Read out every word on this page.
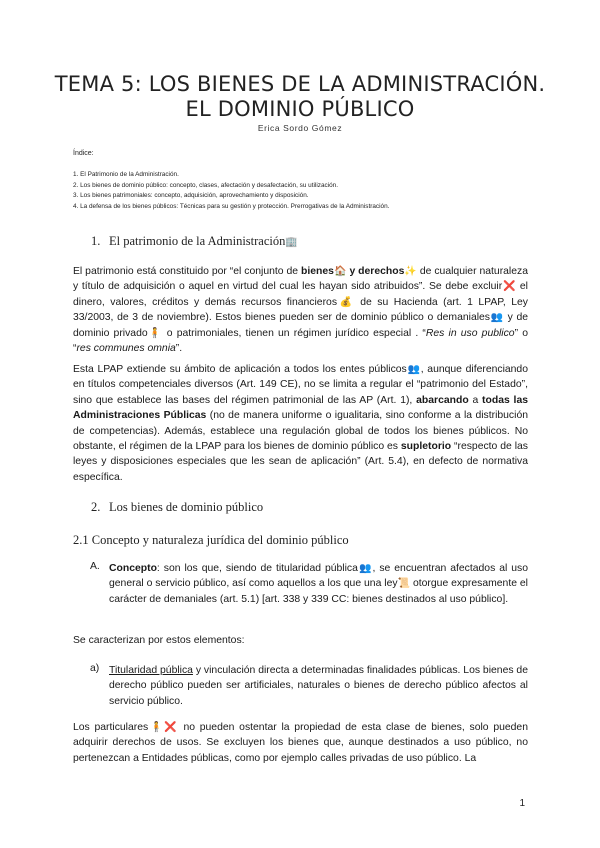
TEMA 5: LOS BIENES DE LA ADMINISTRACIÓN. EL DOMINIO PÚBLICO
Erica Sordo Gómez
Índice:
1. El Patrimonio de la Administración.
2. Los bienes de dominio público: concepto, clases, afectación y desafectación, su utilización.
3. Los bienes patrimoniales: concepto, adquisición, aprovechamiento y disposición.
4. La defensa de los bienes públicos: Técnicas para su gestión y protección. Prerrogativas de la Administración.
1. El patrimonio de la Administración🏢
El patrimonio está constituido por “el conjunto de bienes🏠 y derechos✨ de cualquier naturaleza y título de adquisición o aquel en virtud del cual les hayan sido atribuidos”. Se debe excluir❌ el dinero, valores, créditos y demás recursos financieros💰 de su Hacienda (art. 1 LPAP, Ley 33/2003, de 3 de noviembre). Estos bienes pueden ser de dominio público o demaniales👥 y de dominio privado🧍 o patrimoniales, tienen un régimen jurídico especial . “Res in uso publico” o “res communes omnia”.
Esta LPAP extiende su ámbito de aplicación a todos los entes públicos👥, aunque diferenciando en títulos competenciales diversos (Art. 149 CE), no se limita a regular el “patrimonio del Estado”, sino que establece las bases del régimen patrimonial de las AP (Art. 1), abarcando a todas las Administraciones Públicas (no de manera uniforme o igualitaria, sino conforme a la distribución de competencias). Además, establece una regulación global de todos los bienes públicos. No obstante, el régimen de la LPAP para los bienes de dominio público es supletorio “respecto de las leyes y disposiciones especiales que les sean de aplicación” (Art. 5.4), en defecto de normativa específica.
2. Los bienes de dominio público
2.1 Concepto y naturaleza jurídica del dominio público
A. Concepto: son los que, siendo de titularidad pública👥, se encuentran afectados al uso general o servicio público, así como aquellos a los que una ley📜 otorgue expresamente el carácter de demaniales (art. 5.1) [art. 338 y 339 CC: bienes destinados al uso público].
Se caracterizan por estos elementos:
a) Titularidad pública y vinculación directa a determinadas finalidades públicas. Los bienes de derecho público pueden ser artificiales, naturales o bienes de derecho público afectos al servicio público.
Los particulares🧍❌ no pueden ostentar la propiedad de esta clase de bienes, solo pueden adquirir derechos de usos. Se excluyen los bienes que, aunque destinados a uso público, no pertenezcan a Entidades públicas, como por ejemplo calles privadas de uso público. La
1
